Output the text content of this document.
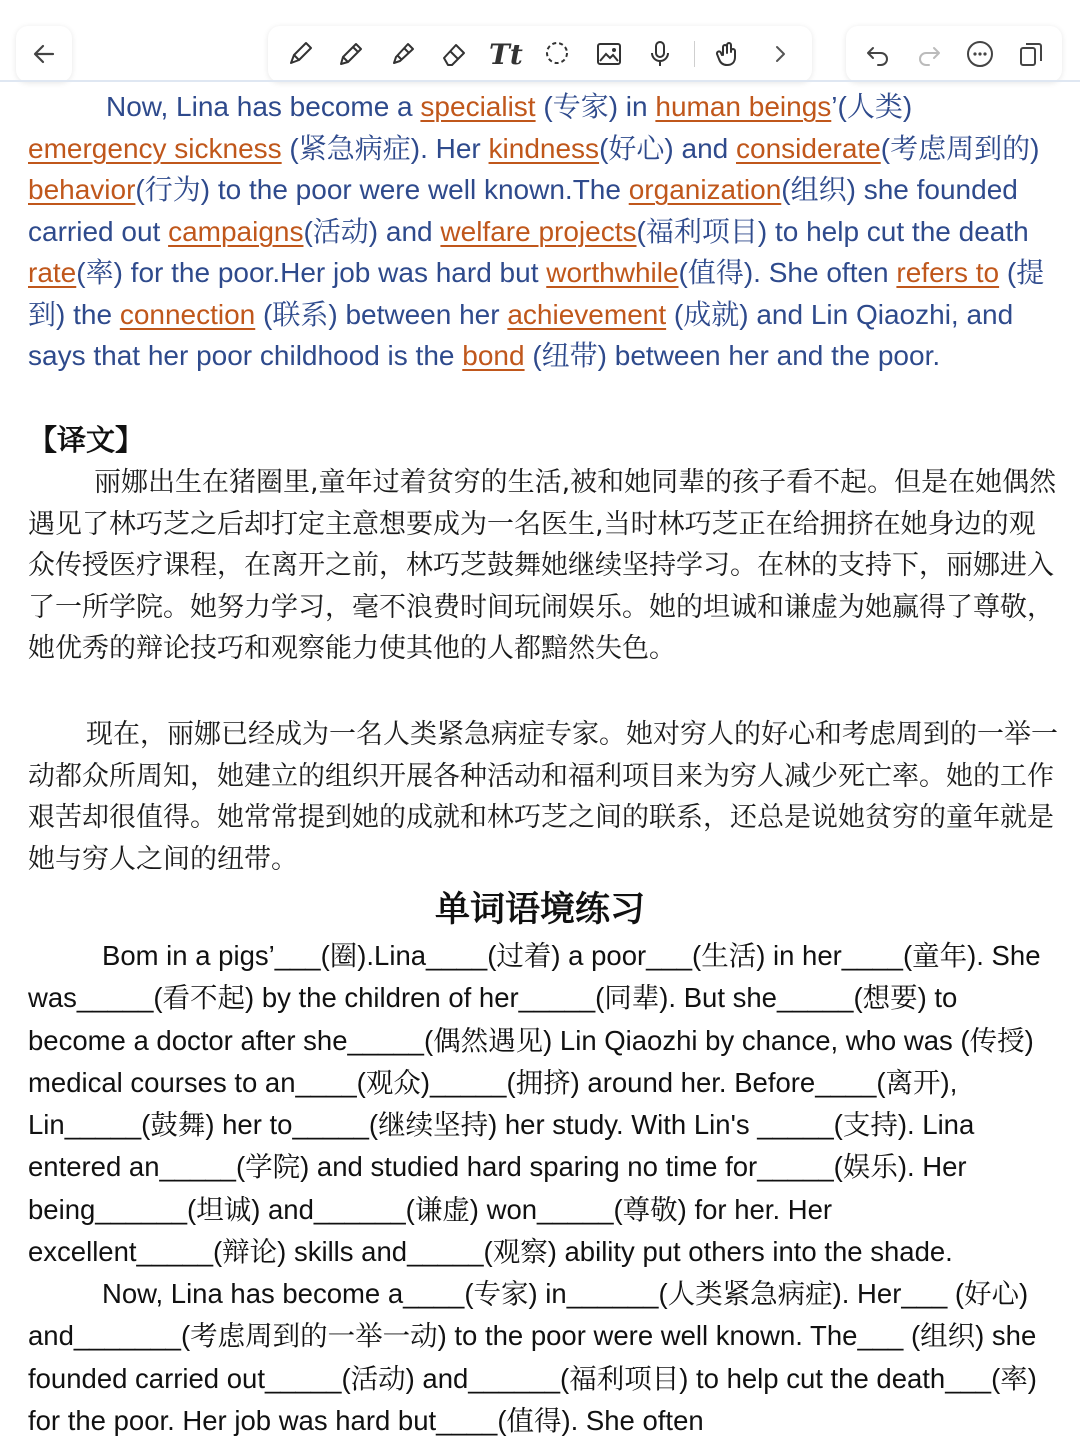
Tt

Now, Lina has become a specialist (专家) in human beings’(人类) emergency sickness (紧急病症). Her kindness(好心) and considerate(考虑周到的) behavior(行为) to the poor were well known.The organization(组织) she founded carried out campaigns(活动) and welfare projects(福利项目) to help cut the death rate(率) for the poor.Her job was hard but worthwhile(值得). She often refers to (提到) the connection (联系) between her achievement (成就) and Lin Qiaozhi, and says that her poor childhood is the bond (纽带) between her and the poor.

【译文】

丽娜出生在猪圈里,童年过着贫穷的生活,被和她同辈的孩子看不起。但是在她偶然遇见了林巧芝之后却打定主意想要成为一名医生,当时林巧芝正在给拥挤在她身边的观众传授医疗课程，在离开之前，林巧芝鼓舞她继续坚持学习。在林的支持下，丽娜进入了一所学院。她努力学习，毫不浪费时间玩闹娱乐。她的坦诚和谦虚为她赢得了尊敬，她优秀的辩论技巧和观察能力使其他的人都黯然失色。

现在，丽娜已经成为一名人类紧急病症专家。她对穷人的好心和考虑周到的一举一动都众所周知，她建立的组织开展各种活动和福利项目来为穷人减少死亡率。她的工作艰苦却很值得。她常常提到她的成就和林巧芝之间的联系，还总是说她贫穷的童年就是她与穷人之间的纽带。

单词语境练习

Bom in a pigs’___(圈).Lina____(过着) a poor___(生活) in her____(童年). She was_____(看不起) by the children of her_____(同辈). But she_____(想要) to become a doctor after she_____(偶然遇见) Lin Qiaozhi by chance, who was (传授) medical courses to an____(观众)_____(拥挤) around her. Before____(离开), Lin_____(鼓舞) her to_____(继续坚持) her study. With Lin's _____(支持). Lina entered an_____(学院) and studied hard sparing no time for_____(娱乐). Her being______(坦诚) and______(谦虚) won_____(尊敬) for her. Her excellent_____(辩论) skills and_____(观察) ability put others into the shade.

Now, Lina has become a____(专家) in______(人类紧急病症). Her___ (好心) and_______(考虑周到的一举一动) to the poor were well known. The___ (组织) she founded carried out_____(活动) and______(福利项目) to help cut the death___(率) for the poor. Her job was hard but____(值得). She often
